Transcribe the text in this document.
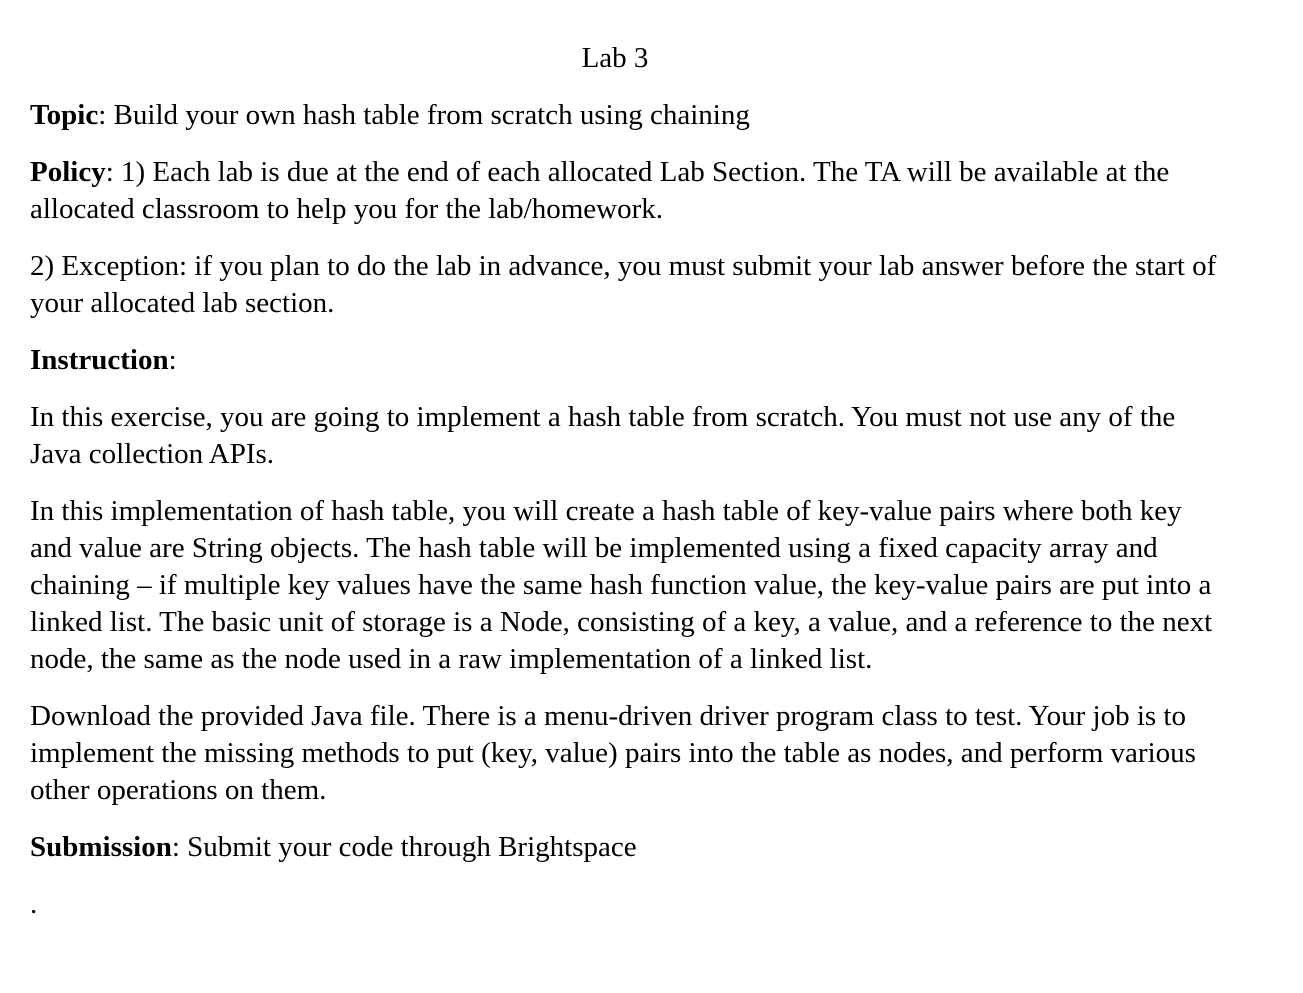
Lab 3

Topic: Build your own hash table from scratch using chaining

Policy: 1) Each lab is due at the end of each allocated Lab Section. The TA will be available at the allocated classroom to help you for the lab/homework.

2) Exception: if you plan to do the lab in advance, you must submit your lab answer before the start of your allocated lab section.

Instruction:

In this exercise, you are going to implement a hash table from scratch. You must not use any of the Java collection APIs.

In this implementation of hash table, you will create a hash table of key-value pairs where both key and value are String objects. The hash table will be implemented using a fixed capacity array and chaining – if multiple key values have the same hash function value, the key-value pairs are put into a linked list. The basic unit of storage is a Node, consisting of a key, a value, and a reference to the next node, the same as the node used in a raw implementation of a linked list.

Download the provided Java file. There is a menu-driven driver program class to test. Your job is to implement the missing methods to put (key, value) pairs into the table as nodes, and perform various other operations on them.

Submission: Submit your code through Brightspace

.
